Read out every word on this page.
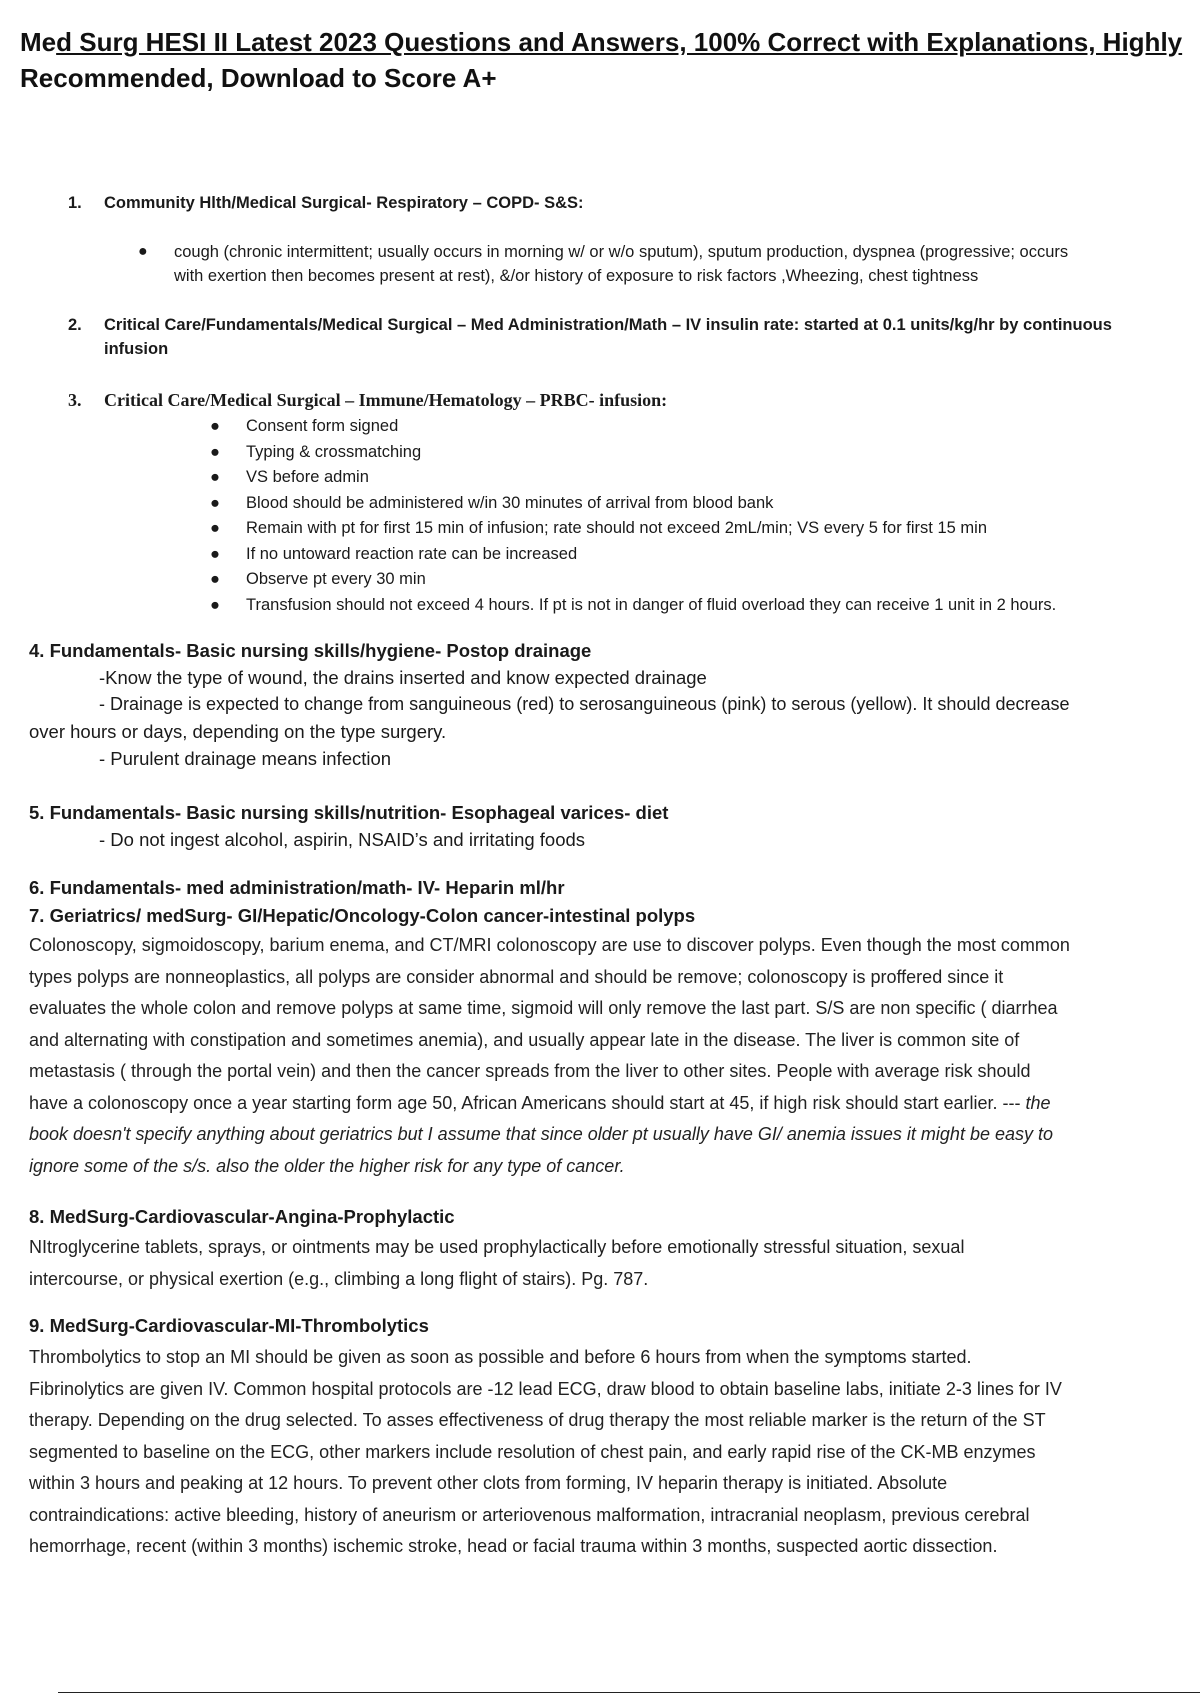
Med Surg HESI II Latest 2023 Questions and Answers, 100% Correct with Explanations, Highly
Recommended, Download to Score A+
1. Community Hlth/Medical Surgical- Respiratory – COPD- S&S:
● cough (chronic intermittent; usually occurs in morning w/ or w/o sputum), sputum production, dyspnea (progressive; occurs
with exertion then becomes present at rest), &/or history of exposure to risk factors ,Wheezing, chest tightness
2. Critical Care/Fundamentals/Medical Surgical – Med Administration/Math – IV insulin rate: started at 0.1 units/kg/hr by continuous
infusion
3. Critical Care/Medical Surgical – Immune/Hematology – PRBC- infusion:
● Consent form signed
● Typing & crossmatching
● VS before admin
● Blood should be administered w/in 30 minutes of arrival from blood bank
● Remain with pt for first 15 min of infusion; rate should not exceed 2mL/min; VS every 5 for first 15 min
● If no untoward reaction rate can be increased
● Observe pt every 30 min
● Transfusion should not exceed 4 hours. If pt is not in danger of fluid overload they can receive 1 unit in 2 hours.
4. Fundamentals- Basic nursing skills/hygiene- Postop drainage
-Know the type of wound, the drains inserted and know expected drainage
- Drainage is expected to change from sanguineous (red) to serosanguineous (pink) to serous (yellow). It should decrease
over hours or days, depending on the type surgery.
- Purulent drainage means infection
5. Fundamentals- Basic nursing skills/nutrition- Esophageal varices- diet
- Do not ingest alcohol, aspirin, NSAID’s and irritating foods
6. Fundamentals- med administration/math- IV- Heparin ml/hr
7. Geriatrics/ medSurg- GI/Hepatic/Oncology-Colon cancer-intestinal polyps
Colonoscopy, sigmoidoscopy, barium enema, and CT/MRI colonoscopy are use to discover polyps. Even though the most common
types polyps are nonneoplastics, all polyps are consider abnormal and should be remove; colonoscopy is proffered since it
evaluates the whole colon and remove polyps at same time, sigmoid will only remove the last part. S/S are non specific ( diarrhea
and alternating with constipation and sometimes anemia), and usually appear late in the disease. The liver is common site of
metastasis ( through the portal vein) and then the cancer spreads from the liver to other sites. People with average risk should
have a colonoscopy once a year starting form age 50, African Americans should start at 45, if high risk should start earlier. --- the
book doesn't specify anything about geriatrics but I assume that since older pt usually have GI/ anemia issues it might be easy to
ignore some of the s/s. also the older the higher risk for any type of cancer.
8. MedSurg-Cardiovascular-Angina-Prophylactic
NItroglycerine tablets, sprays, or ointments may be used prophylactically before emotionally stressful situation, sexual
intercourse, or physical exertion (e.g., climbing a long flight of stairs). Pg. 787.
9. MedSurg-Cardiovascular-MI-Thrombolytics
Thrombolytics to stop an MI should be given as soon as possible and before 6 hours from when the symptoms started.
Fibrinolytics are given IV. Common hospital protocols are -12 lead ECG, draw blood to obtain baseline labs, initiate 2-3 lines for IV
therapy. Depending on the drug selected. To asses effectiveness of drug therapy the most reliable marker is the return of the ST
segmented to baseline on the ECG, other markers include resolution of chest pain, and early rapid rise of the CK-MB enzymes
within 3 hours and peaking at 12 hours. To prevent other clots from forming, IV heparin therapy is initiated. Absolute
contraindications: active bleeding, history of aneurism or arteriovenous malformation, intracranial neoplasm, previous cerebral
hemorrhage, recent (within 3 months) ischemic stroke, head or facial trauma within 3 months, suspected aortic dissection.
